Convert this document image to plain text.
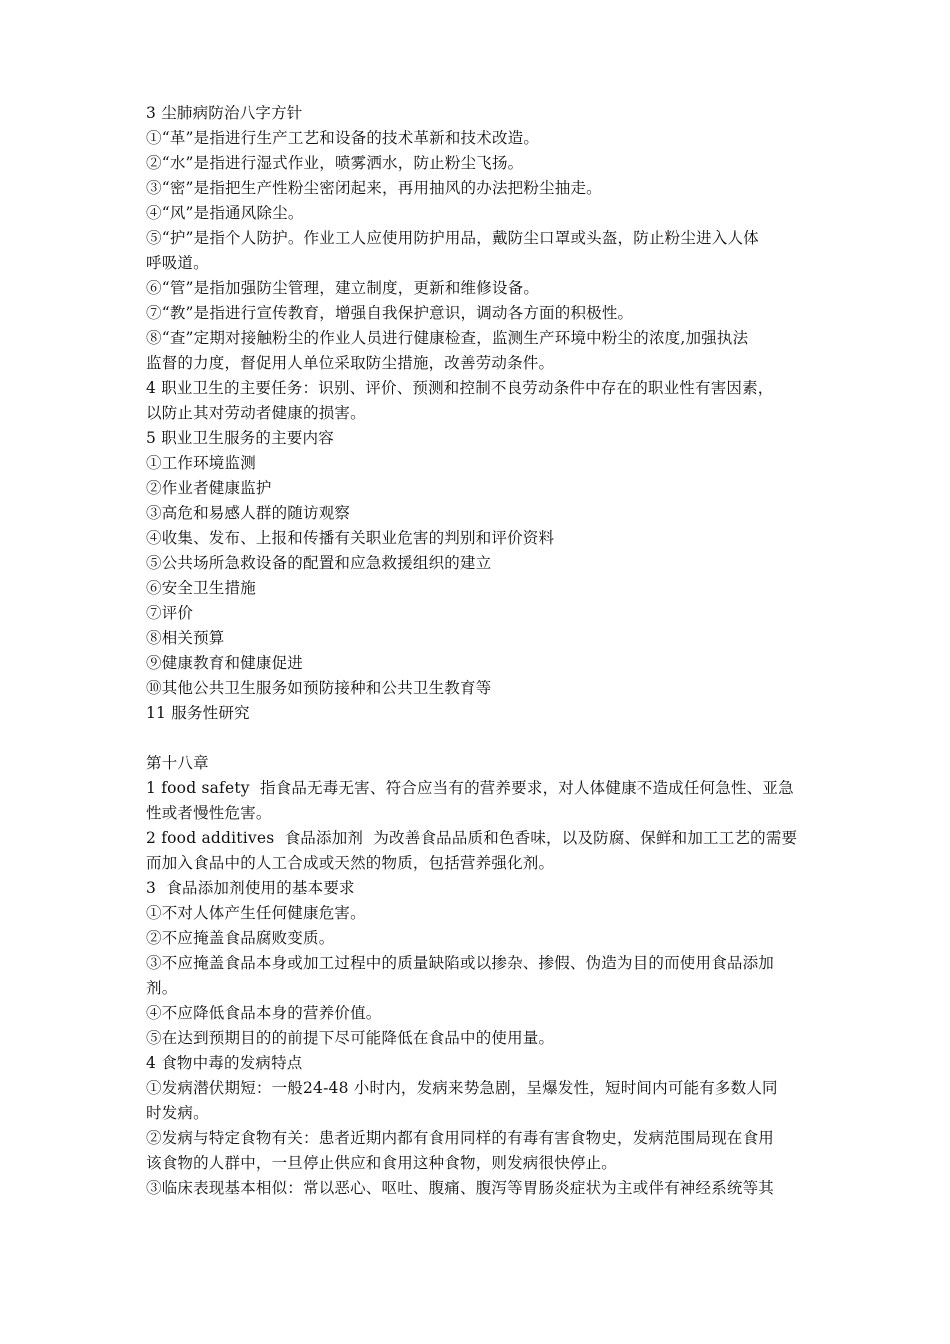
3 尘肺病防治八字方针
①“革”是指进行生产工艺和设备的技术革新和技术改造。
②“水”是指进行湿式作业，喷雾洒水，防止粉尘飞扬。
③“密”是指把生产性粉尘密闭起来，再用抽风的办法把粉尘抽走。
④“风”是指通风除尘。
⑤“护”是指个人防护。作业工人应使用防护用品，戴防尘口罩或头盔，防止粉尘进入人体
呼吸道。
⑥“管”是指加强防尘管理，建立制度，更新和维修设备。
⑦“教”是指进行宣传教育，增强自我保护意识，调动各方面的积极性。
⑧“查”定期对接触粉尘的作业人员进行健康检查，监测生产环境中粉尘的浓度,加强执法
监督的力度，督促用人单位采取防尘措施，改善劳动条件。
4 职业卫生的主要任务：识别、评价、预测和控制不良劳动条件中存在的职业性有害因素，
以防止其对劳动者健康的损害。
5 职业卫生服务的主要内容
①工作环境监测
②作业者健康监护
③高危和易感人群的随访观察
④收集、发布、上报和传播有关职业危害的判别和评价资料
⑤公共场所急救设备的配置和应急救援组织的建立
⑥安全卫生措施
⑦评价
⑧相关预算
⑨健康教育和健康促进
⑩其他公共卫生服务如预防接种和公共卫生教育等
11 服务性研究
第十八章
1 food safety  指食品无毒无害、符合应当有的营养要求，对人体健康不造成任何急性、亚急
性或者慢性危害。
2 food additives  食品添加剂  为改善食品品质和色香味，以及防腐、保鲜和加工工艺的需要
而加入食品中的人工合成或天然的物质，包括营养强化剂。
3  食品添加剂使用的基本要求
①不对人体产生任何健康危害。
②不应掩盖食品腐败变质。
③不应掩盖食品本身或加工过程中的质量缺陷或以掺杂、掺假、伪造为目的而使用食品添加
剂。
④不应降低食品本身的营养价值。
⑤在达到预期目的的前提下尽可能降低在食品中的使用量。
4 食物中毒的发病特点
①发病潜伏期短：一般24-48 小时内，发病来势急剧，呈爆发性，短时间内可能有多数人同
时发病。
②发病与特定食物有关：患者近期内都有食用同样的有毒有害食物史，发病范围局现在食用
该食物的人群中，一旦停止供应和食用这种食物，则发病很快停止。
③临床表现基本相似：常以恶心、呕吐、腹痛、腹泻等胃肠炎症状为主或伴有神经系统等其
